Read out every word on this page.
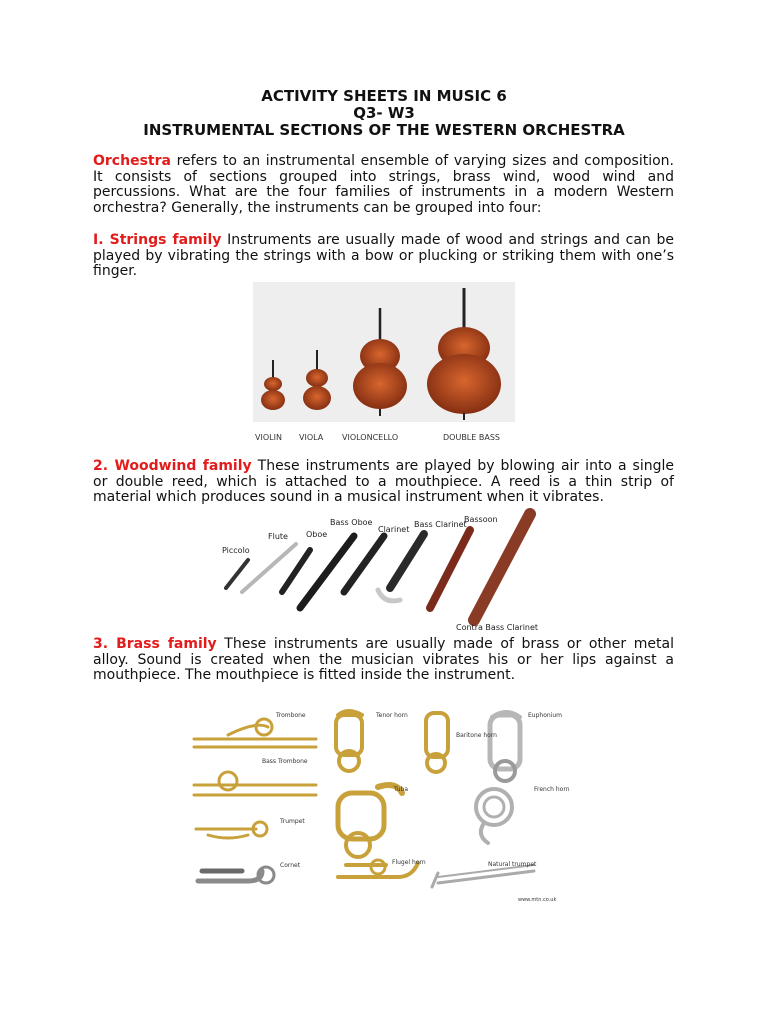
ACTIVITY SHEETS IN MUSIC 6
Q3- W3
INSTRUMENTAL SECTIONS OF THE WESTERN ORCHESTRA
Orchestra refers to an instrumental ensemble of varying sizes and composition. It consists of sections grouped into strings, brass wind, wood wind and percussions. What are the four families of instruments in a modern Western orchestra? Generally, the instruments can be grouped into four:
I. Strings family Instruments are usually made of wood and strings and can be played by vibrating the strings with a bow or plucking or striking them with one’s finger.
VIOLIN VIOLA VIOLONCELLO	DOUBLE BASS
2. Woodwind family These instruments are played by blowing air into a single or double reed, which is attached to a mouthpiece. A reed is a thin strip of material which produces sound in a musical instrument when it vibrates.
Piccolo
Flute Oboe
Bass Oboe
Clarinet
Bass Clarinet
Bassoon
Contra Bass Clarinet
3. Brass family These instruments are usually made of brass or other metal alloy. Sound is created when the musician vibrates his or her lips against a mouthpiece. The mouthpiece is fitted inside the instrument.
Trombone
Bass Trombone
Trumpet
Cornet
Tenor horn
Tuba
Flugel horn
Baritone horn
Euphonium
French horn
Natural trumpet
www.mtn.co.uk
